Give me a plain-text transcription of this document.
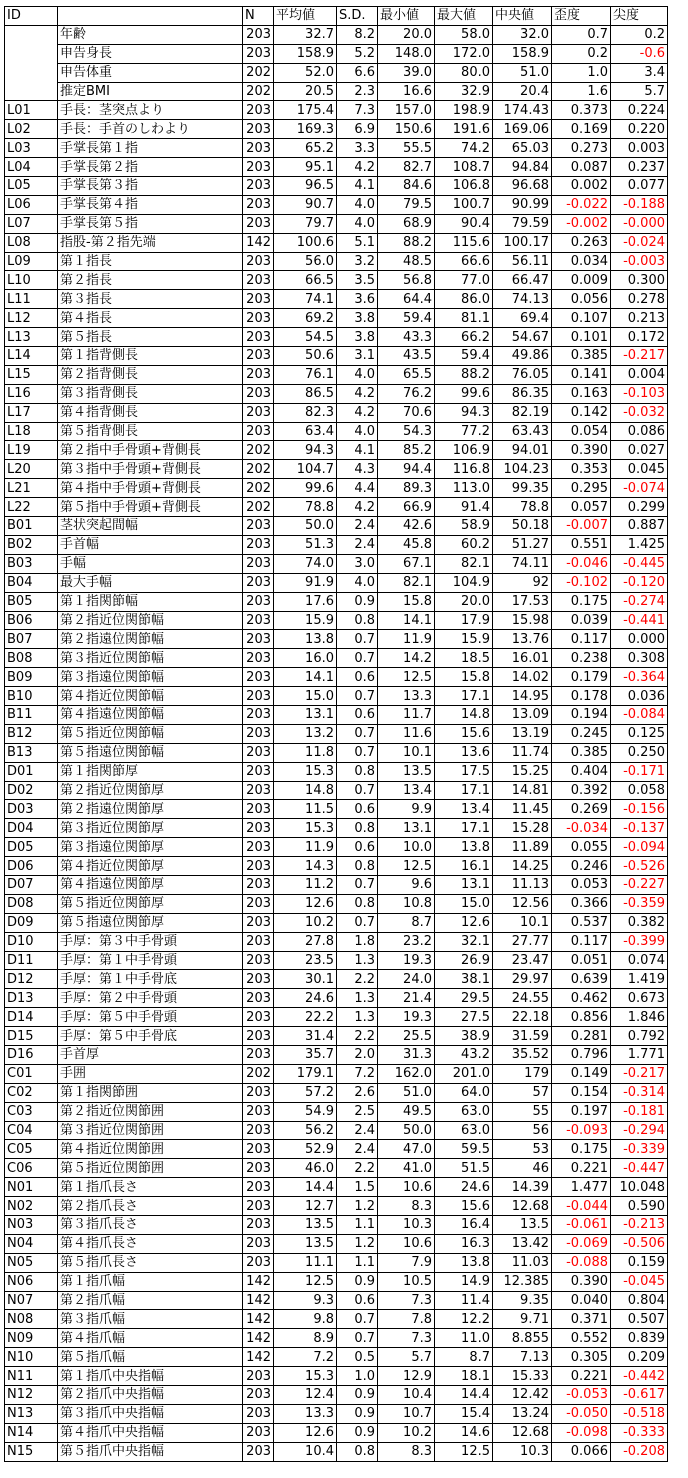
ID		N	平均値	S.D.	最小値	最大値	中央値	歪度	尖度
	年齢	203	32.7	8.2	20.0	58.0	32.0	0.7	0.2
	申告身長	203	158.9	5.2	148.0	172.0	158.9	0.2	-0.6
	申告体重	202	52.0	6.6	39.0	80.0	51.0	1.0	3.4
	推定BMI	202	20.5	2.3	16.6	32.9	20.4	1.6	5.7
L01	手長：茎突点より	203	175.4	7.3	157.0	198.9	174.43	0.373	0.224
L02	手長：手首のしわより	203	169.3	6.9	150.6	191.6	169.06	0.169	0.220
L03	手掌長第１指	203	65.2	3.3	55.5	74.2	65.03	0.273	0.003
L04	手掌長第２指	203	95.1	4.2	82.7	108.7	94.84	0.087	0.237
L05	手掌長第３指	203	96.5	4.1	84.6	106.8	96.68	0.002	0.077
L06	手掌長第４指	203	90.7	4.0	79.5	100.7	90.99	-0.022	-0.188
L07	手掌長第５指	203	79.7	4.0	68.9	90.4	79.59	-0.002	-0.000
L08	指股-第２指先端	142	100.6	5.1	88.2	115.6	100.17	0.263	-0.024
L09	第１指長	203	56.0	3.2	48.5	66.6	56.11	0.034	-0.003
L10	第２指長	203	66.5	3.5	56.8	77.0	66.47	0.009	0.300
L11	第３指長	203	74.1	3.6	64.4	86.0	74.13	0.056	0.278
L12	第４指長	203	69.2	3.8	59.4	81.1	69.4	0.107	0.213
L13	第５指長	203	54.5	3.8	43.3	66.2	54.67	0.101	0.172
L14	第１指背側長	203	50.6	3.1	43.5	59.4	49.86	0.385	-0.217
L15	第２指背側長	203	76.1	4.0	65.5	88.2	76.05	0.141	0.004
L16	第３指背側長	203	86.5	4.2	76.2	99.6	86.35	0.163	-0.103
L17	第４指背側長	203	82.3	4.2	70.6	94.3	82.19	0.142	-0.032
L18	第５指背側長	203	63.4	4.0	54.3	77.2	63.43	0.054	0.086
L19	第２指中手骨頭+背側長	202	94.3	4.1	85.2	106.9	94.01	0.390	0.027
L20	第３指中手骨頭+背側長	202	104.7	4.3	94.4	116.8	104.23	0.353	0.045
L21	第４指中手骨頭+背側長	202	99.6	4.4	89.3	113.0	99.35	0.295	-0.074
L22	第５指中手骨頭+背側長	202	78.8	4.2	66.9	91.4	78.8	0.057	0.299
B01	茎状突起間幅	203	50.0	2.4	42.6	58.9	50.18	-0.007	0.887
B02	手首幅	203	51.3	2.4	45.8	60.2	51.27	0.551	1.425
B03	手幅	203	74.0	3.0	67.1	82.1	74.11	-0.046	-0.445
B04	最大手幅	203	91.9	4.0	82.1	104.9	92	-0.102	-0.120
B05	第１指関節幅	203	17.6	0.9	15.8	20.0	17.53	0.175	-0.274
B06	第２指近位関節幅	203	15.9	0.8	14.1	17.9	15.98	0.039	-0.441
B07	第２指遠位関節幅	203	13.8	0.7	11.9	15.9	13.76	0.117	0.000
B08	第３指近位関節幅	203	16.0	0.7	14.2	18.5	16.01	0.238	0.308
B09	第３指遠位関節幅	203	14.1	0.6	12.5	15.8	14.02	0.179	-0.364
B10	第４指近位関節幅	203	15.0	0.7	13.3	17.1	14.95	0.178	0.036
B11	第４指遠位関節幅	203	13.1	0.6	11.7	14.8	13.09	0.194	-0.084
B12	第５指近位関節幅	203	13.2	0.7	11.6	15.6	13.19	0.245	0.125
B13	第５指遠位関節幅	203	11.8	0.7	10.1	13.6	11.74	0.385	0.250
D01	第１指関節厚	203	15.3	0.8	13.5	17.5	15.25	0.404	-0.171
D02	第２指近位関節厚	203	14.8	0.7	13.4	17.1	14.81	0.392	0.058
D03	第２指遠位関節厚	203	11.5	0.6	9.9	13.4	11.45	0.269	-0.156
D04	第３指近位関節厚	203	15.3	0.8	13.1	17.1	15.28	-0.034	-0.137
D05	第３指遠位関節厚	203	11.9	0.6	10.0	13.8	11.89	0.055	-0.094
D06	第４指近位関節厚	203	14.3	0.8	12.5	16.1	14.25	0.246	-0.526
D07	第４指遠位関節厚	203	11.2	0.7	9.6	13.1	11.13	0.053	-0.227
D08	第５指近位関節厚	203	12.6	0.8	10.8	15.0	12.56	0.366	-0.359
D09	第５指遠位関節厚	203	10.2	0.7	8.7	12.6	10.1	0.537	0.382
D10	手厚：第３中手骨頭	203	27.8	1.8	23.2	32.1	27.77	0.117	-0.399
D11	手厚：第１中手骨頭	203	23.5	1.3	19.3	26.9	23.47	0.051	0.074
D12	手厚：第１中手骨底	203	30.1	2.2	24.0	38.1	29.97	0.639	1.419
D13	手厚：第２中手骨頭	203	24.6	1.3	21.4	29.5	24.55	0.462	0.673
D14	手厚：第５中手骨頭	203	22.2	1.3	19.3	27.5	22.18	0.856	1.846
D15	手厚：第５中手骨底	203	31.4	2.2	25.5	38.9	31.59	0.281	0.792
D16	手首厚	203	35.7	2.0	31.3	43.2	35.52	0.796	1.771
C01	手囲	202	179.1	7.2	162.0	201.0	179	0.149	-0.217
C02	第１指関節囲	203	57.2	2.6	51.0	64.0	57	0.154	-0.314
C03	第２指近位関節囲	203	54.9	2.5	49.5	63.0	55	0.197	-0.181
C04	第３指近位関節囲	203	56.2	2.4	50.0	63.0	56	-0.093	-0.294
C05	第４指近位関節囲	203	52.9	2.4	47.0	59.5	53	0.175	-0.339
C06	第５指近位関節囲	203	46.0	2.2	41.0	51.5	46	0.221	-0.447
N01	第１指爪長さ	203	14.4	1.5	10.6	24.6	14.39	1.477	10.048
N02	第２指爪長さ	203	12.7	1.2	8.3	15.6	12.68	-0.044	0.590
N03	第３指爪長さ	203	13.5	1.1	10.3	16.4	13.5	-0.061	-0.213
N04	第４指爪長さ	203	13.5	1.2	10.6	16.3	13.42	-0.069	-0.506
N05	第５指爪長さ	203	11.1	1.1	7.9	13.8	11.03	-0.088	0.159
N06	第１指爪幅	142	12.5	0.9	10.5	14.9	12.385	0.390	-0.045
N07	第２指爪幅	142	9.3	0.6	7.3	11.4	9.35	0.040	0.804
N08	第３指爪幅	142	9.8	0.7	7.8	12.2	9.71	0.371	0.507
N09	第４指爪幅	142	8.9	0.7	7.3	11.0	8.855	0.552	0.839
N10	第５指爪幅	142	7.2	0.5	5.7	8.7	7.13	0.305	0.209
N11	第１指爪中央指幅	203	15.3	1.0	12.9	18.1	15.33	0.221	-0.442
N12	第２指爪中央指幅	203	12.4	0.9	10.4	14.4	12.42	-0.053	-0.617
N13	第３指爪中央指幅	203	13.3	0.9	10.7	15.4	13.24	-0.050	-0.518
N14	第４指爪中央指幅	203	12.6	0.9	10.2	14.6	12.68	-0.098	-0.333
N15	第５指爪中央指幅	203	10.4	0.8	8.3	12.5	10.3	0.066	-0.208
